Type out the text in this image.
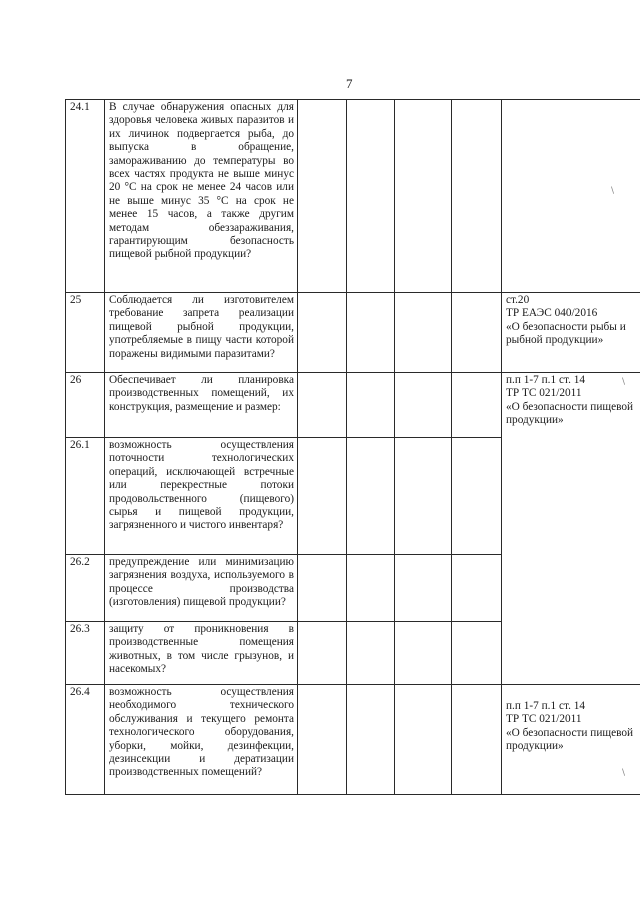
7
24.1	В случае обнаружения опасных для здоровья человека живых паразитов и их личинок подвергается рыба, до выпуска в обращение, замораживанию до температуры во всех частях продукта не выше минус 20 °С на срок не менее 24 часов или не выше минус 35 °С на срок не менее 15 часов, а также другим методам обеззараживания, гарантирующим безопасность пищевой рыбной продукции?					
25	Соблюдается ли изготовителем требование запрета реализации пищевой рыбной продукции, употребляемые в пищу части которой поражены видимыми паразитами?					ст.20
ТР ЕАЭС 040/2016
«О безопасности рыбы и рыбной продукции»

26	Обеспечивает ли планировка производственных помещений, их конструкция, размещение и размер:					п.п 1-7 п.1 ст. 14
ТР ТС 021/2011
«О безопасности пищевой продукции»

26.1	возможность осуществления поточности технологических операций, исключающей встречные или перекрестные потоки продовольственного (пищевого) сырья и пищевой продукции, загрязненного и чистого инвентаря?					
26.2	предупреждение или минимизацию загрязнения воздуха, используемого в процессе производства (изготовления) пищевой продукции?					
26.3	защиту от проникновения в производственные помещения животных, в том числе грызунов, и насекомых?					
26.4	возможность осуществления необходимого технического обслуживания и текущего ремонта технологического оборудования, уборки, мойки, дезинфекции, дезинсекции и дератизации производственных помещений?					п.п 1-7 п.1 ст. 14
ТР ТС 021/2011
«О безопасности пищевой продукции»
\
\
\
